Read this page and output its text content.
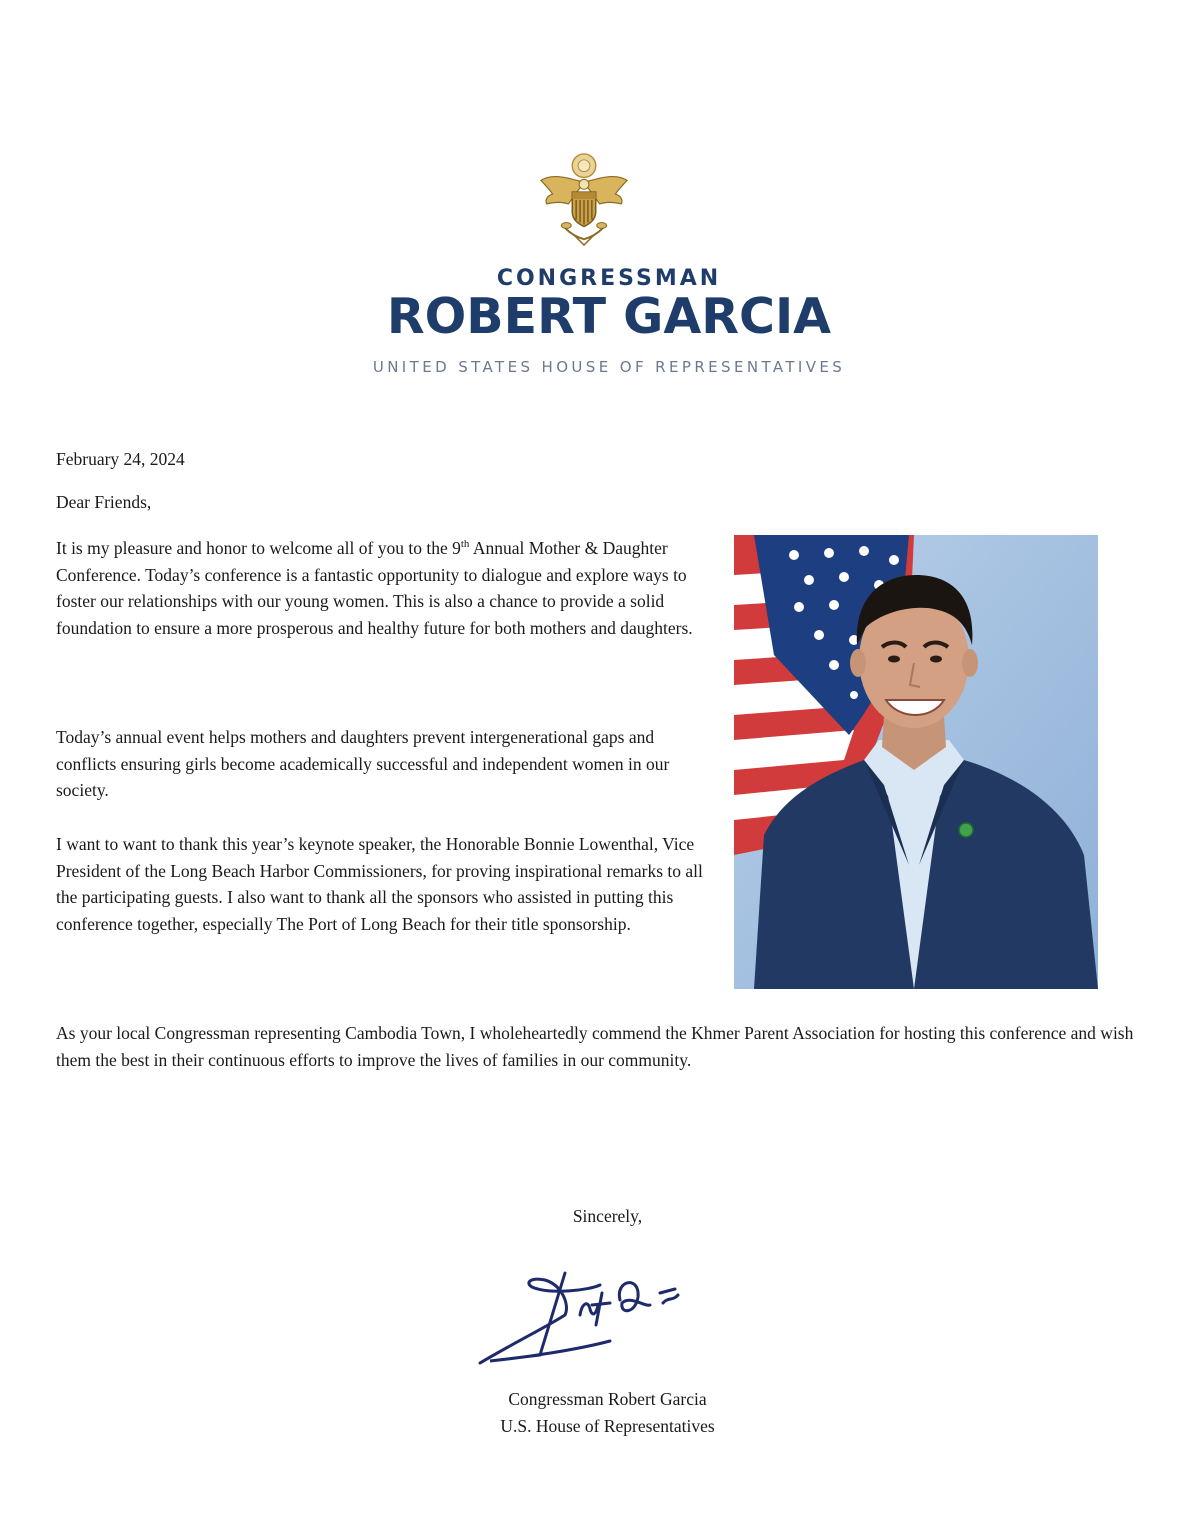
CONGRESSMAN
ROBERT GARCIA
UNITED STATES HOUSE OF REPRESENTATIVES
February 24, 2024
Dear Friends,
It is my pleasure and honor to welcome all of you to the 9th Annual Mother & Daughter Conference. Today’s conference is a fantastic opportunity to dialogue and explore ways to foster our relationships with our young women. This is also a chance to provide a solid foundation to ensure a more prosperous and healthy future for both mothers and daughters.
Today’s annual event helps mothers and daughters prevent intergenerational gaps and conflicts ensuring girls become academically successful and independent women in our society.
I want to want to thank this year’s keynote speaker, the Honorable Bonnie Lowenthal, Vice President of the Long Beach Harbor Commissioners, for proving inspirational remarks to all the participating guests. I also want to thank all the sponsors who assisted in putting this conference together, especially The Port of Long Beach for their title sponsorship.
As your local Congressman representing Cambodia Town, I wholeheartedly commend the Khmer Parent Association for hosting this conference and wish them the best in their continuous efforts to improve the lives of families in our community.
Sincerely,
Congressman Robert Garcia
U.S. House of Representatives
